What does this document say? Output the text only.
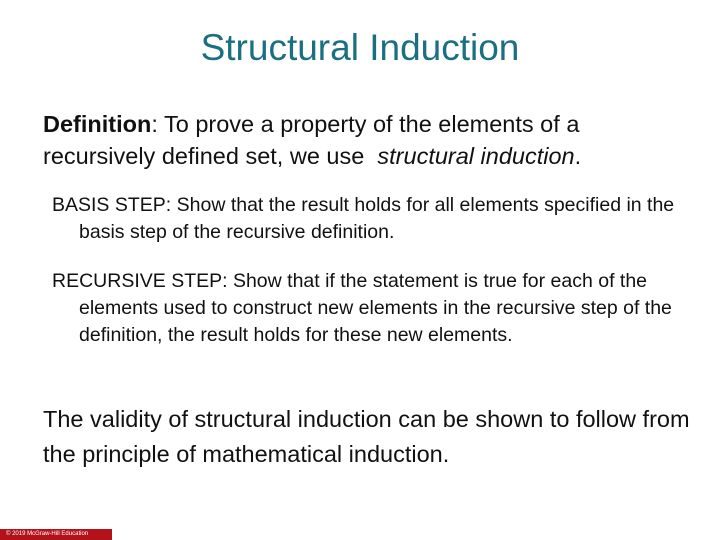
Structural Induction
Definition: To prove a property of the elements of a recursively defined set, we use  structural induction.
BASIS STEP: Show that the result holds for all elements specified in the basis step of the recursive definition.
RECURSIVE STEP: Show that if the statement is true for each of the elements used to construct new elements in the recursive step of the definition, the result holds for these new elements.
The validity of structural induction can be shown to follow from the principle of mathematical induction.
© 2019 McGraw-Hill Education
